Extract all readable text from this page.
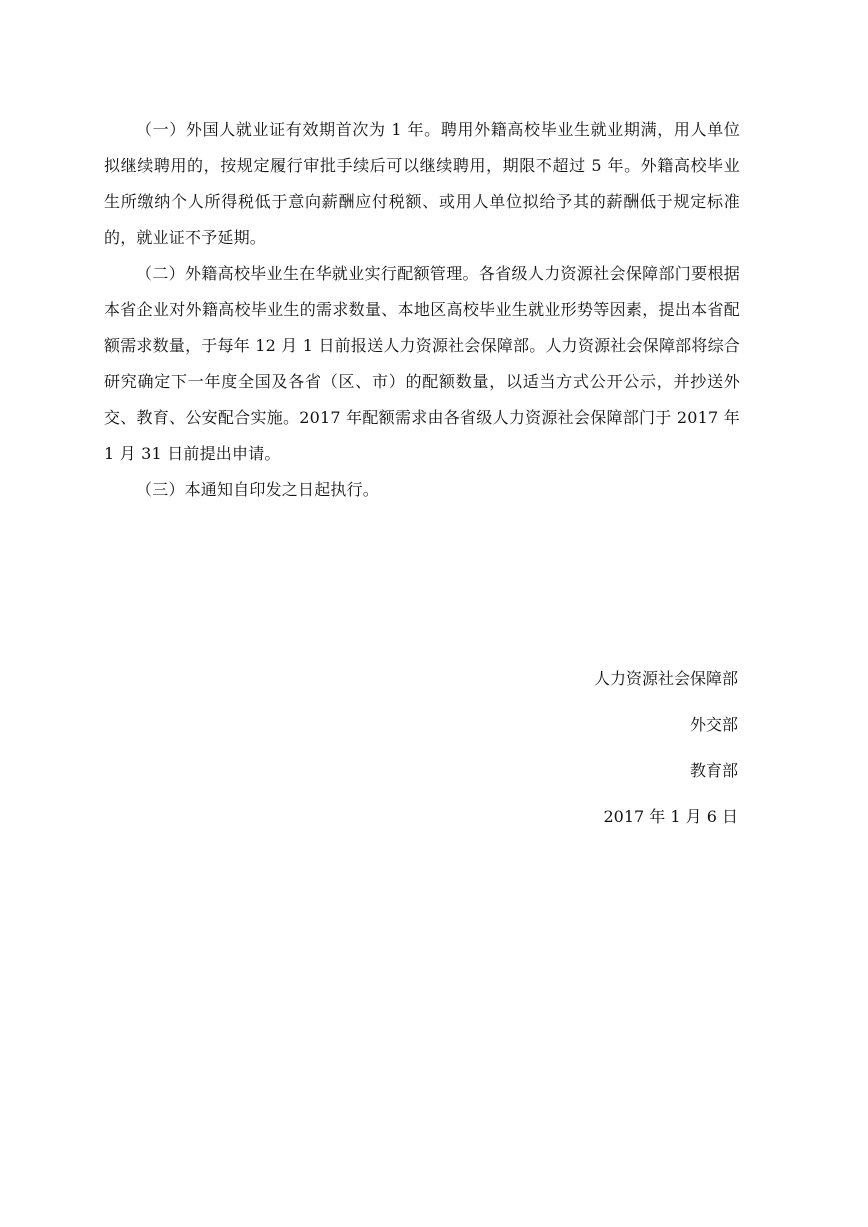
（一）外国人就业证有效期首次为 1 年。聘用外籍高校毕业生就业期满，用人单位拟继续聘用的，按规定履行审批手续后可以继续聘用，期限不超过 5 年。外籍高校毕业生所缴纳个人所得税低于意向薪酬应付税额、或用人单位拟给予其的薪酬低于规定标准的，就业证不予延期。

（二）外籍高校毕业生在华就业实行配额管理。各省级人力资源社会保障部门要根据本省企业对外籍高校毕业生的需求数量、本地区高校毕业生就业形势等因素，提出本省配额需求数量，于每年 12 月 1 日前报送人力资源社会保障部。人力资源社会保障部将综合研究确定下一年度全国及各省（区、市）的配额数量，以适当方式公开公示，并抄送外交、教育、公安配合实施。2017 年配额需求由各省级人力资源社会保障部门于 2017 年 1 月 31 日前提出申请。

（三）本通知自印发之日起执行。

人力资源社会保障部
外交部
教育部
2017 年 1 月 6 日
